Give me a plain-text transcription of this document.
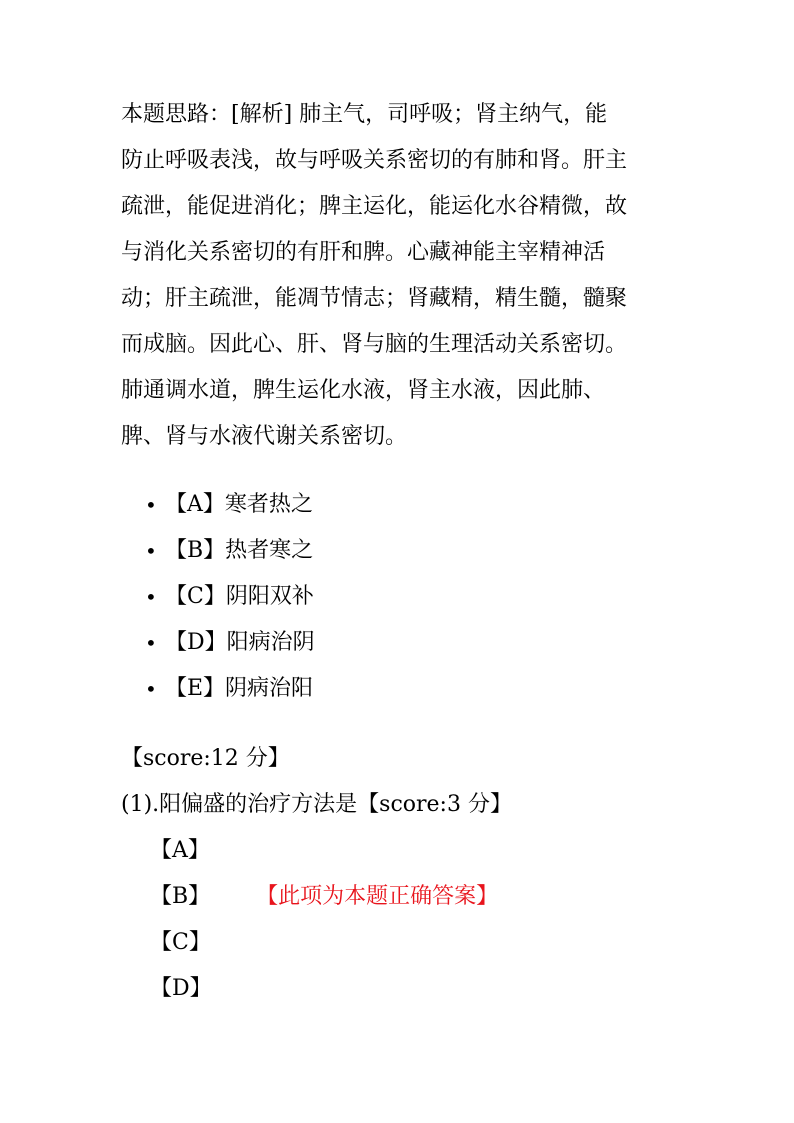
本题思路：[解析] 肺主气，司呼吸；肾主纳气，能
防止呼吸表浅，故与呼吸关系密切的有肺和肾。肝主
疏泄，能促进消化；脾主运化，能运化水谷精微，故
与消化关系密切的有肝和脾。心藏神能主宰精神活
动；肝主疏泄，能凋节情志；肾藏精，精生髓，髓聚
而成脑。因此心、肝、肾与脑的生理活动关系密切。
肺通调水道，脾生运化水液，肾主水液，因此肺、
脾、肾与水液代谢关系密切。
• 【A】寒者热之
• 【B】热者寒之
• 【C】阴阳双补
• 【D】阳病治阴
• 【E】阴病治阳
【score:12 分】
(1).阳偏盛的治疗方法是【score:3 分】
【A】
【B】 【此项为本题正确答案】
【C】
【D】
